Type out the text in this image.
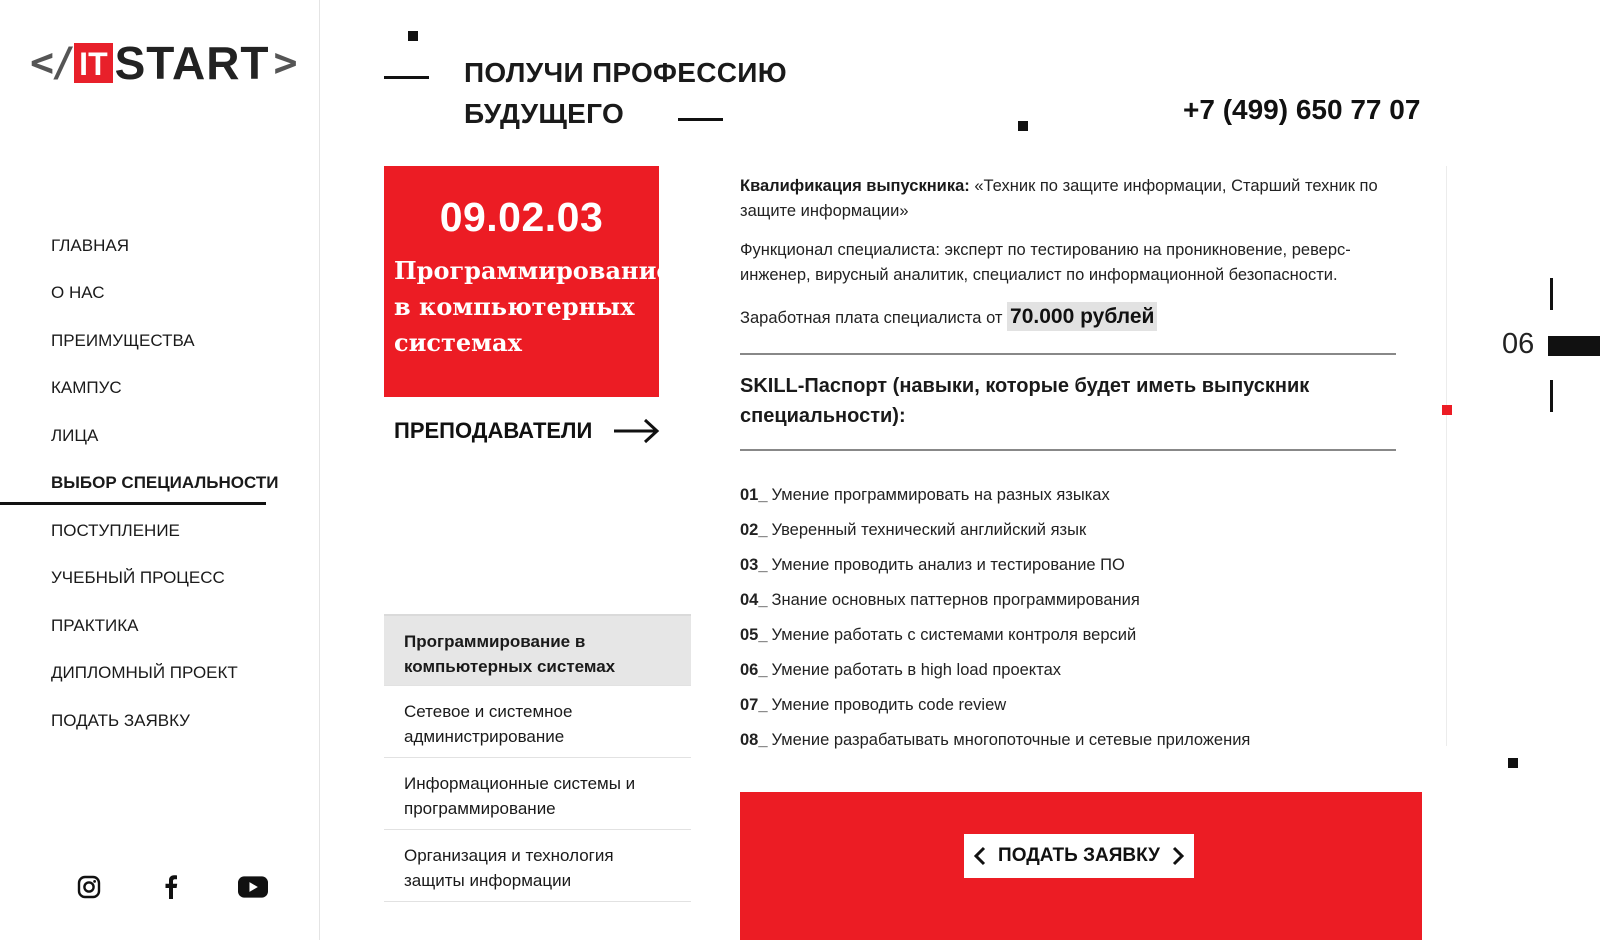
</ IT START >
ГЛАВНАЯ
О НАС
ПРЕИМУЩЕСТВА
КАМПУС
ЛИЦА
ВЫБОР СПЕЦИАЛЬНОСТИ
ПОСТУПЛЕНИЕ
УЧЕБНЫЙ ПРОЦЕСС
ПРАКТИКА
ДИПЛОМНЫЙ ПРОЕКТ
ПОДАТЬ ЗАЯВКУ
ПОЛУЧИ ПРОФЕССИЮ
БУДУЩЕГО	+7 (499) 650 77 07
09.02.03
Программирование в компьютерных системах
ПРЕПОДАВАТЕЛИ
Программирование в компьютерных системах
Сетевое и системное администрирование
Информационные системы и программирование
Организация и технология защиты информации

Квалификация выпускника: «Техник по защите информации, Старший техник по защите информации»

Функционал специалиста: эксперт по тестированию на проникновение, реверс-инженер, вирусный аналитик, специалист по информационной безопасности.

Заработная плата специалиста от 70.000 рублей

SKILL-Паспорт (навыки, которые будет иметь выпускник специальности):
01_ Умение программировать на разных языках
02_ Уверенный технический английский язык
03_ Умение проводить анализ и тестирование ПО
04_ Знание основных паттернов программирования
05_ Умение работать с системами контроля версий
06_ Умение работать в high load проектах
07_ Умение проводить code review
08_ Умение разрабатывать многопоточные и сетевые приложения
06
ПОДАТЬ ЗАЯВКУ
